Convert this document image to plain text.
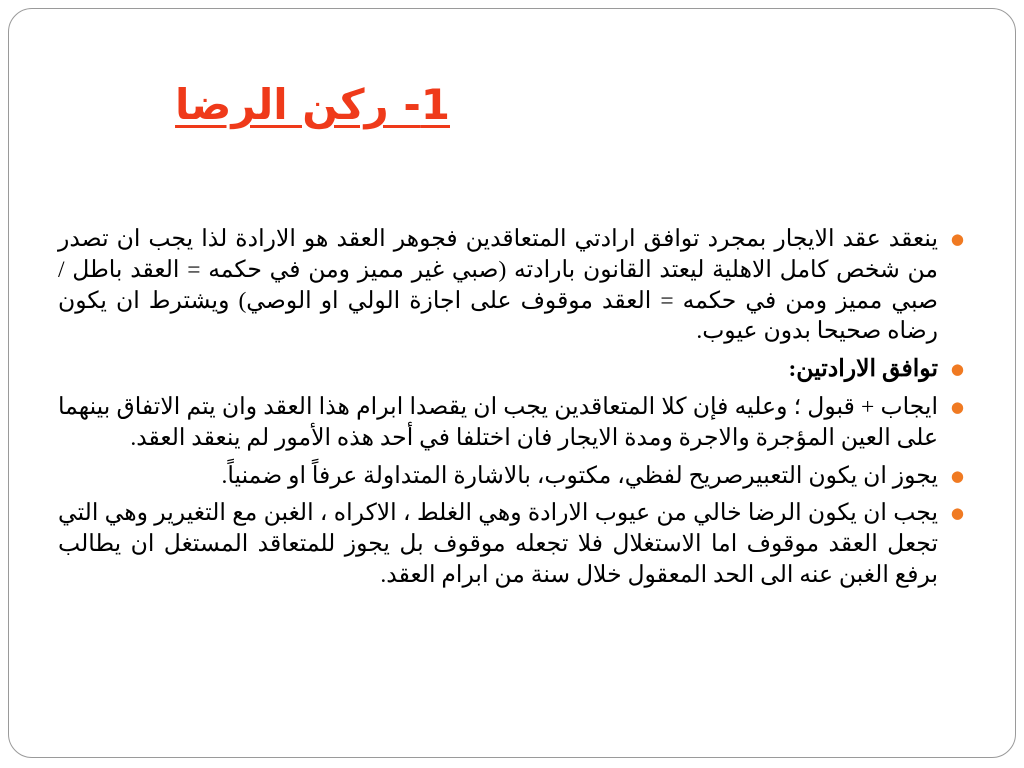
1- ركن الرضا
●
ينعقد عقد الايجار بمجرد توافق ارادتي المتعاقدين فجوهر العقد هو الارادة لذا يجب ان تصدر من شخص كامل الاهلية ليعتد القانون بارادته (صبي غير مميز ومن في حكمه = العقد باطل / صبي مميز ومن في حكمه = العقد موقوف على اجازة الولي او الوصي) ويشترط ان يكون رضاه صحيحا بدون عيوب.
●
توافق الارادتين:
●
ايجاب + قبول ؛ وعليه فإن كلا المتعاقدين يجب ان يقصدا ابرام هذا العقد وان يتم الاتفاق بينهما على العين المؤجرة والاجرة ومدة الايجار فان اختلفا في أحد هذه الأمور لم ينعقد العقد.
●
يجوز ان يكون التعبيرصريح لفظي، مكتوب، بالاشارة المتداولة عرفاً او ضمنياً.
●
يجب ان يكون الرضا خالي من عيوب الارادة وهي الغلط ، الاكراه ، الغبن مع التغيرير وهي التي تجعل العقد موقوف اما الاستغلال فلا تجعله موقوف بل يجوز للمتعاقد المستغل ان يطالب برفع الغبن عنه الى الحد المعقول خلال سنة من ابرام العقد.
